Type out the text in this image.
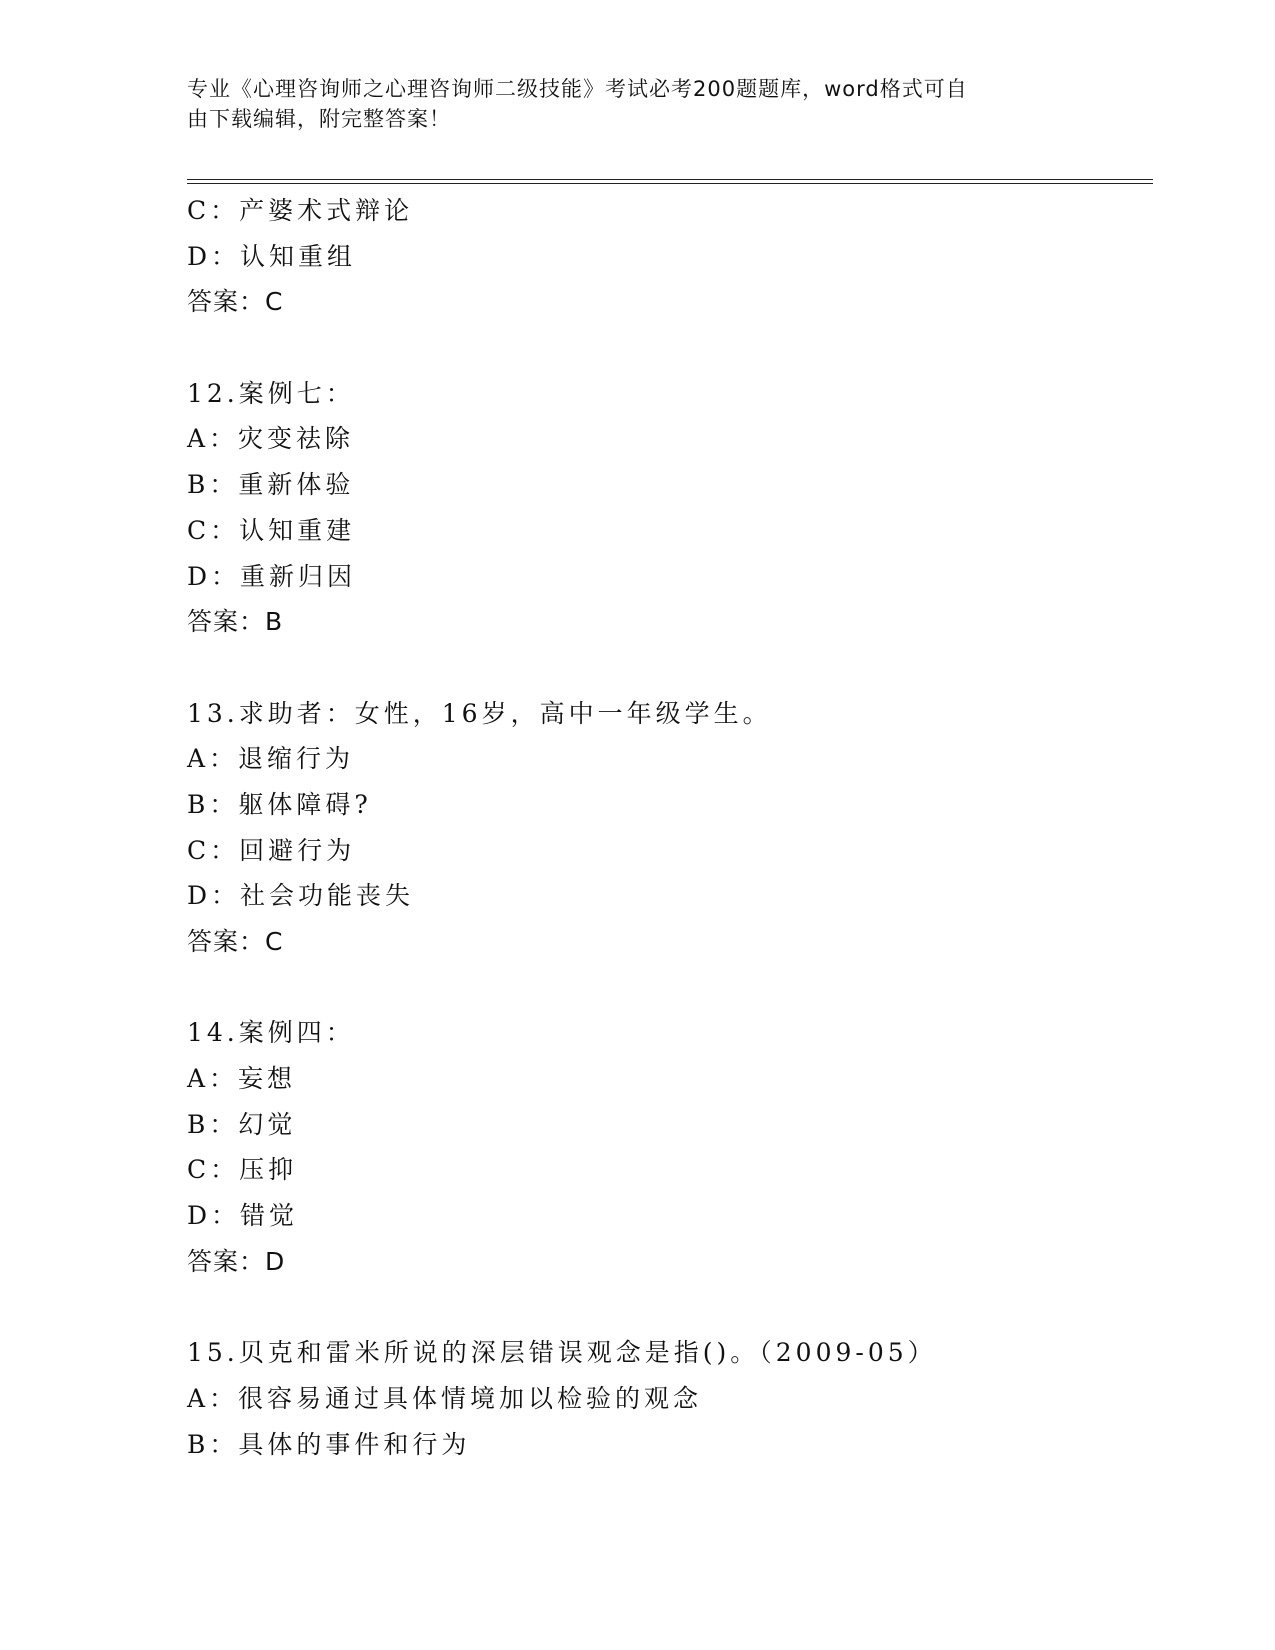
专业《心理咨询师之心理咨询师二级技能》考试必考200题题库，word格式可自
由下载编辑，附完整答案！
C：产婆术式辩论
D：认知重组
答案：C
12.案例七：
A：灾变祛除
B：重新体验
C：认知重建
D：重新归因
答案：B
13.求助者：女性，16岁，高中一年级学生。
A：退缩行为
B：躯体障碍?
C：回避行为
D：社会功能丧失
答案：C
14.案例四：
A：妄想
B：幻觉
C：压抑
D：错觉
答案：D
15.贝克和雷米所说的深层错误观念是指()。（2009-05）
A：很容易通过具体情境加以检验的观念
B：具体的事件和行为
